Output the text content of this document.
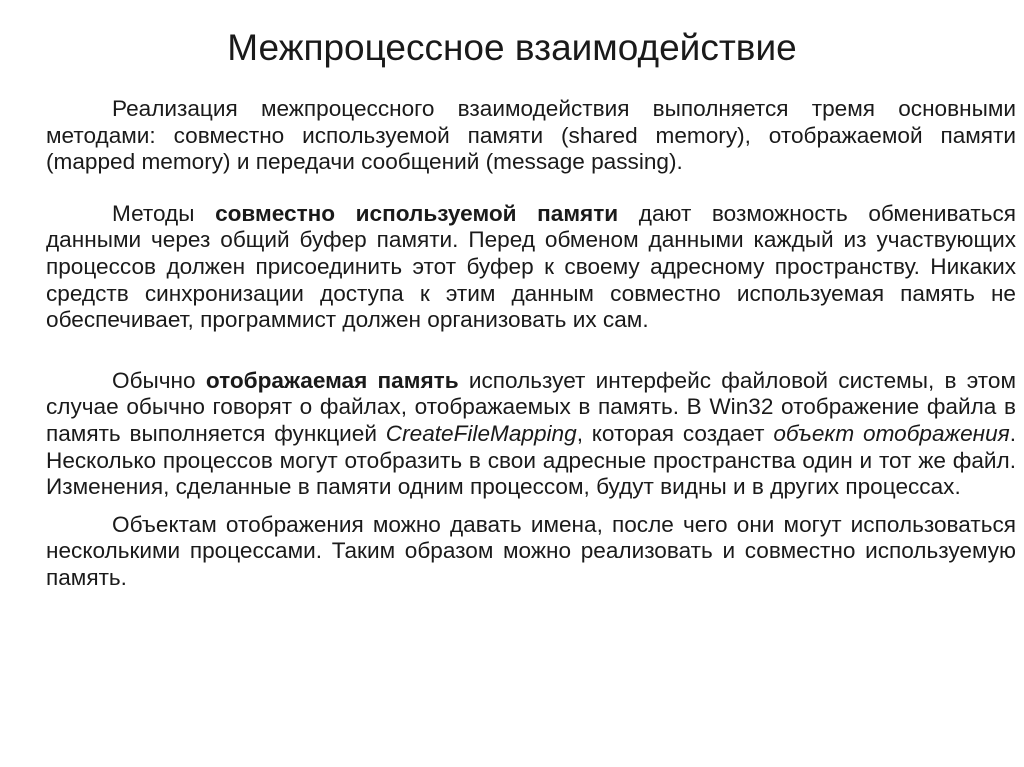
Межпроцессное взаимодействие

Реализация межпроцессного взаимодействия выполняется тремя основными методами: совместно используемой памяти (shared memory), отображаемой памяти (mapped memory) и передачи сообщений (message passing).

Методы совместно используемой памяти дают возможность обмениваться данными через общий буфер памяти. Перед обменом данными каждый из участвующих процессов должен присоединить этот буфер к своему адресному пространству. Никаких средств синхронизации доступа к этим данным совместно используемая память не обеспечивает, программист должен организовать их сам.

Обычно отображаемая память использует интерфейс файловой системы, в этом случае обычно говорят о файлах, отображаемых в память. В Win32 отображение файла в память выполняется функцией CreateFileMapping, которая создает объект отображения. Несколько процессов могут отобразить в свои адресные пространства один и тот же файл. Изменения, сделанные в памяти одним процессом, будут видны и в других процессах.

Объектам отображения можно давать имена, после чего они могут использоваться несколькими процессами. Таким образом можно реализовать и совместно используемую память.
